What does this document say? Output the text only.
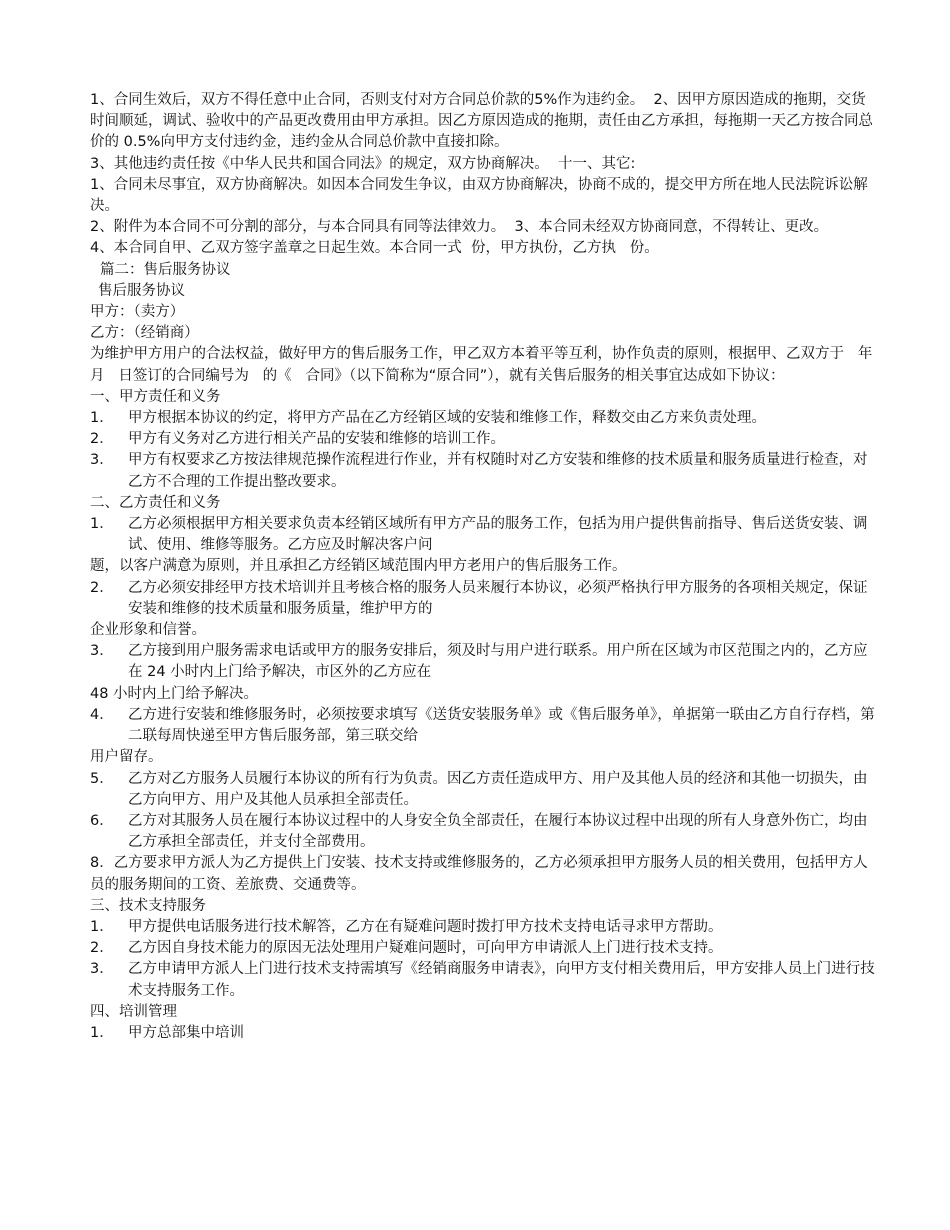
1、合同生效后，双方不得任意中止合同，否则支付对方合同总价款的5%作为违约金。  2、因甲方原因造成的拖期，交货时间顺延，调试、验收中的产品更改费用由甲方承担。因乙方原因造成的拖期，责任由乙方承担，每拖期一天乙方按合同总价的 0.5%向甲方支付违约金，违约金从合同总价款中直接扣除。

3、其他违约责任按《中华人民共和国合同法》的规定，双方协商解决。  十一、其它:

1、合同未尽事宜，双方协商解决。如因本合同发生争议，由双方协商解决，协商不成的，提交甲方所在地人民法院诉讼解决。

2、附件为本合同不可分割的部分，与本合同具有同等法律效力。  3、本合同未经双方协商同意，不得转让、更改。

4、本合同自甲、乙双方签字盖章之日起生效。本合同一式  份，甲方执份，乙方执   份。

篇二：售后服务协议

售后服务协议

甲方：（卖方）

乙方：（经销商）

为维护甲方用户的合法权益，做好甲方的售后服务工作，甲乙双方本着平等互利，协作负责的原则，根据甲、乙双方于   年   月   日签订的合同编号为   的《   合同》（以下简称为“原合同”），就有关售后服务的相关事宜达成如下协议：

一、甲方责任和义务

1． 甲方根据本协议的约定，将甲方产品在乙方经销区域的安装和维修工作，释数交由乙方来负责处理。

2． 甲方有义务对乙方进行相关产品的安装和维修的培训工作。

3． 甲方有权要求乙方按法律规范操作流程进行作业，并有权随时对乙方安装和维修的技术质量和服务质量进行检查，对乙方不合理的工作提出整改要求。

二、乙方责任和义务

1． 乙方必须根据甲方相关要求负责本经销区域所有甲方产品的服务工作，包括为用户提供售前指导、售后送货安装、调试、使用、维修等服务。乙方应及时解决客户问

题，以客户满意为原则，并且承担乙方经销区域范围内甲方老用户的售后服务工作。

2． 乙方必须安排经甲方技术培训并且考核合格的服务人员来履行本协议，必须严格执行甲方服务的各项相关规定，保证安装和维修的技术质量和服务质量，维护甲方的

企业形象和信誉。

3． 乙方接到用户服务需求电话或甲方的服务安排后，须及时与用户进行联系。用户所在区域为市区范围之内的，乙方应在 24 小时内上门给予解决，市区外的乙方应在

48 小时内上门给予解决。

4． 乙方进行安装和维修服务时，必须按要求填写《送货安装服务单》或《售后服务单》，单据第一联由乙方自行存档，第二联每周快递至甲方售后服务部，第三联交给

用户留存。

5． 乙方对乙方服务人员履行本协议的所有行为负责。因乙方责任造成甲方、用户及其他人员的经济和其他一切损失，由乙方向甲方、用户及其他人员承担全部责任。

6． 乙方对其服务人员在履行本协议过程中的人身安全负全部责任，在履行本协议过程中出现的所有人身意外伤亡，均由乙方承担全部责任，并支付全部费用。

8．乙方要求甲方派人为乙方提供上门安装、技术支持或维修服务的，乙方必须承担甲方服务人员的相关费用，包括甲方人员的服务期间的工资、差旅费、交通费等。

三、技术支持服务

1． 甲方提供电话服务进行技术解答，乙方在有疑难问题时拨打甲方技术支持电话寻求甲方帮助。

2． 乙方因自身技术能力的原因无法处理用户疑难问题时，可向甲方申请派人上门进行技术支持。

3． 乙方申请甲方派人上门进行技术支持需填写《经销商服务申请表》，向甲方支付相关费用后，甲方安排人员上门进行技术支持服务工作。

四、培训管理

1． 甲方总部集中培训
